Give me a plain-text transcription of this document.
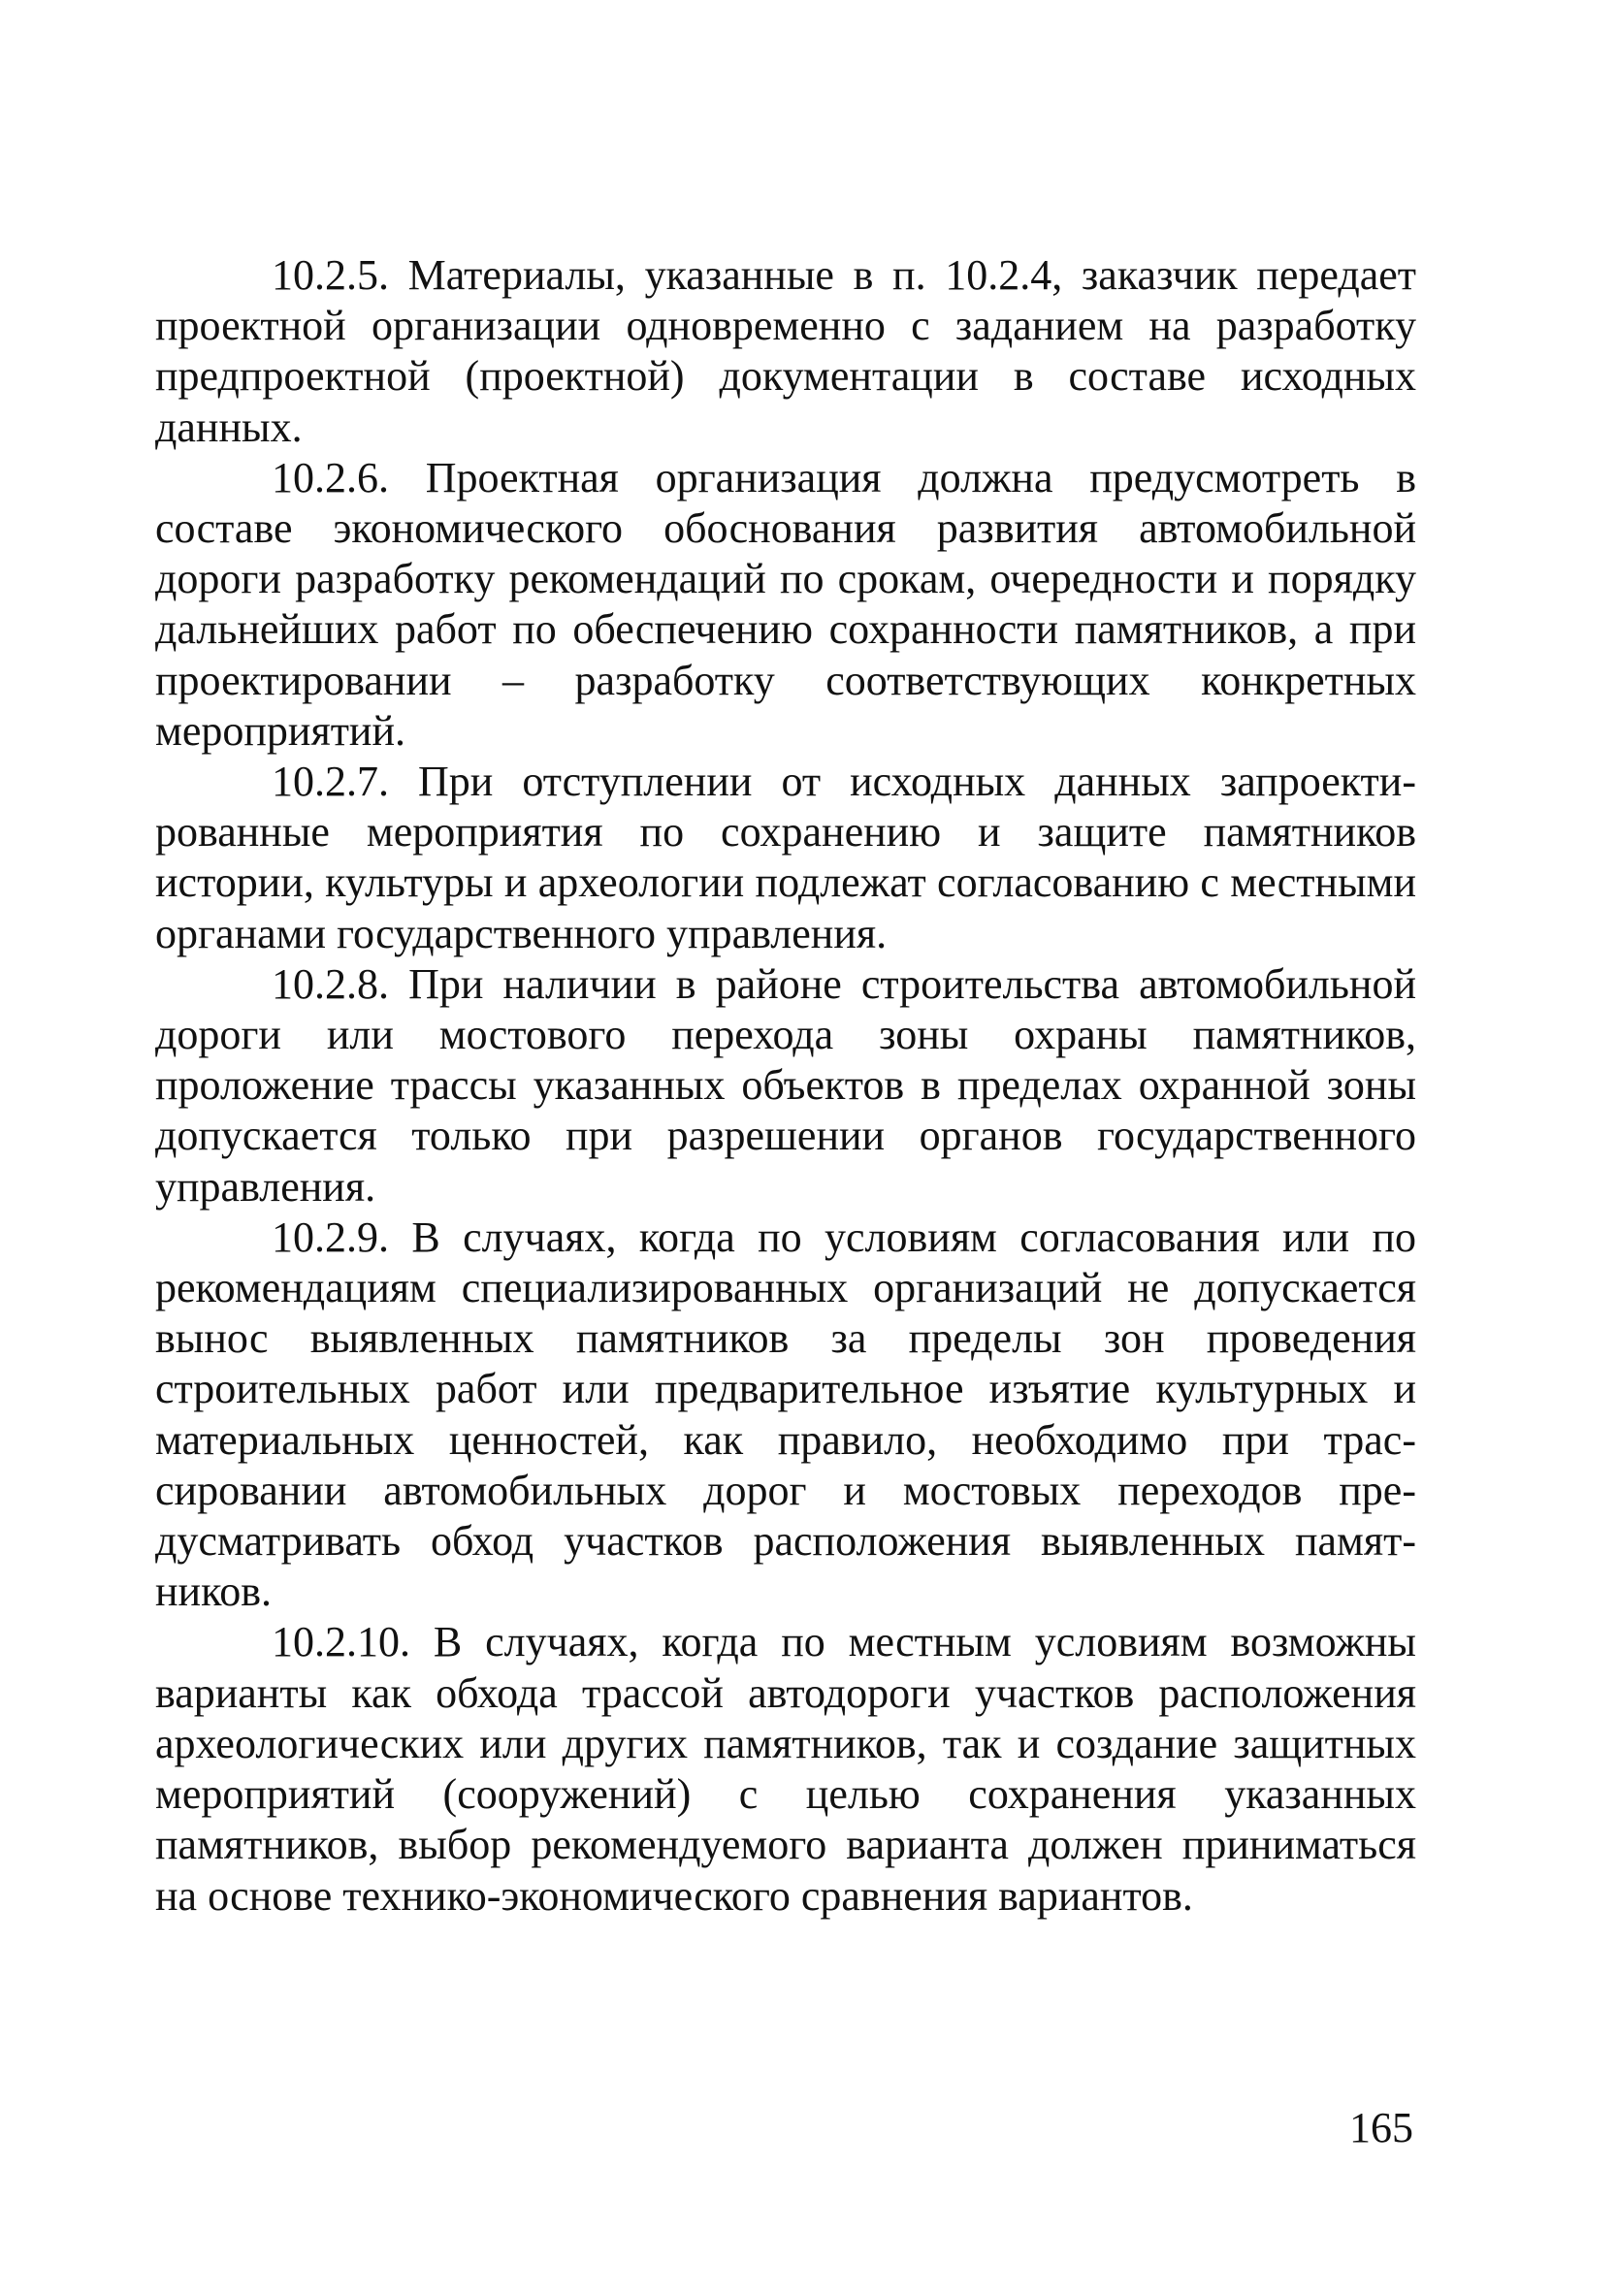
10.2.5. Материалы, указанные в п. 10.2.4, заказчик передает проектной организации одновременно с заданием на разработку предпроектной (проектной) документации в составе исходных данных.

10.2.6. Проектная организация должна предусмотреть в составе экономического обоснования развития автомобильной дороги разработку рекомендаций по срокам, очередности и порядку дальнейших работ по обеспечению сохранности памятников, а при проектировании – разработку соответствующих конкретных мероприятий.

10.2.7. При отступлении от исходных данных запроектированные мероприятия по сохранению и защите памятников истории, культуры и археологии подлежат согласованию с местными органами государственного управления.

10.2.8. При наличии в районе строительства автомобильной дороги или мостового перехода зоны охраны памятников, проложение трассы указанных объектов в пределах охранной зоны допускается только при разрешении органов государственного управления.

10.2.9. В случаях, когда по условиям согласования или по рекомендациям специализированных организаций не допускается вынос выявленных памятников за пределы зон проведения строительных работ или предварительное изъятие культурных и материальных ценностей, как правило, необходимо при трассировании автомобильных дорог и мостовых переходов предусматривать обход участков расположения выявленных памятников.

10.2.10. В случаях, когда по местным условиям возможны варианты как обхода трассой автодороги участков расположения археологических или других памятников, так и создание защитных мероприятий (сооружений) с целью сохранения указанных памятников, выбор рекомендуемого варианта должен приниматься на основе технико-экономического сравнения вариантов.

165
